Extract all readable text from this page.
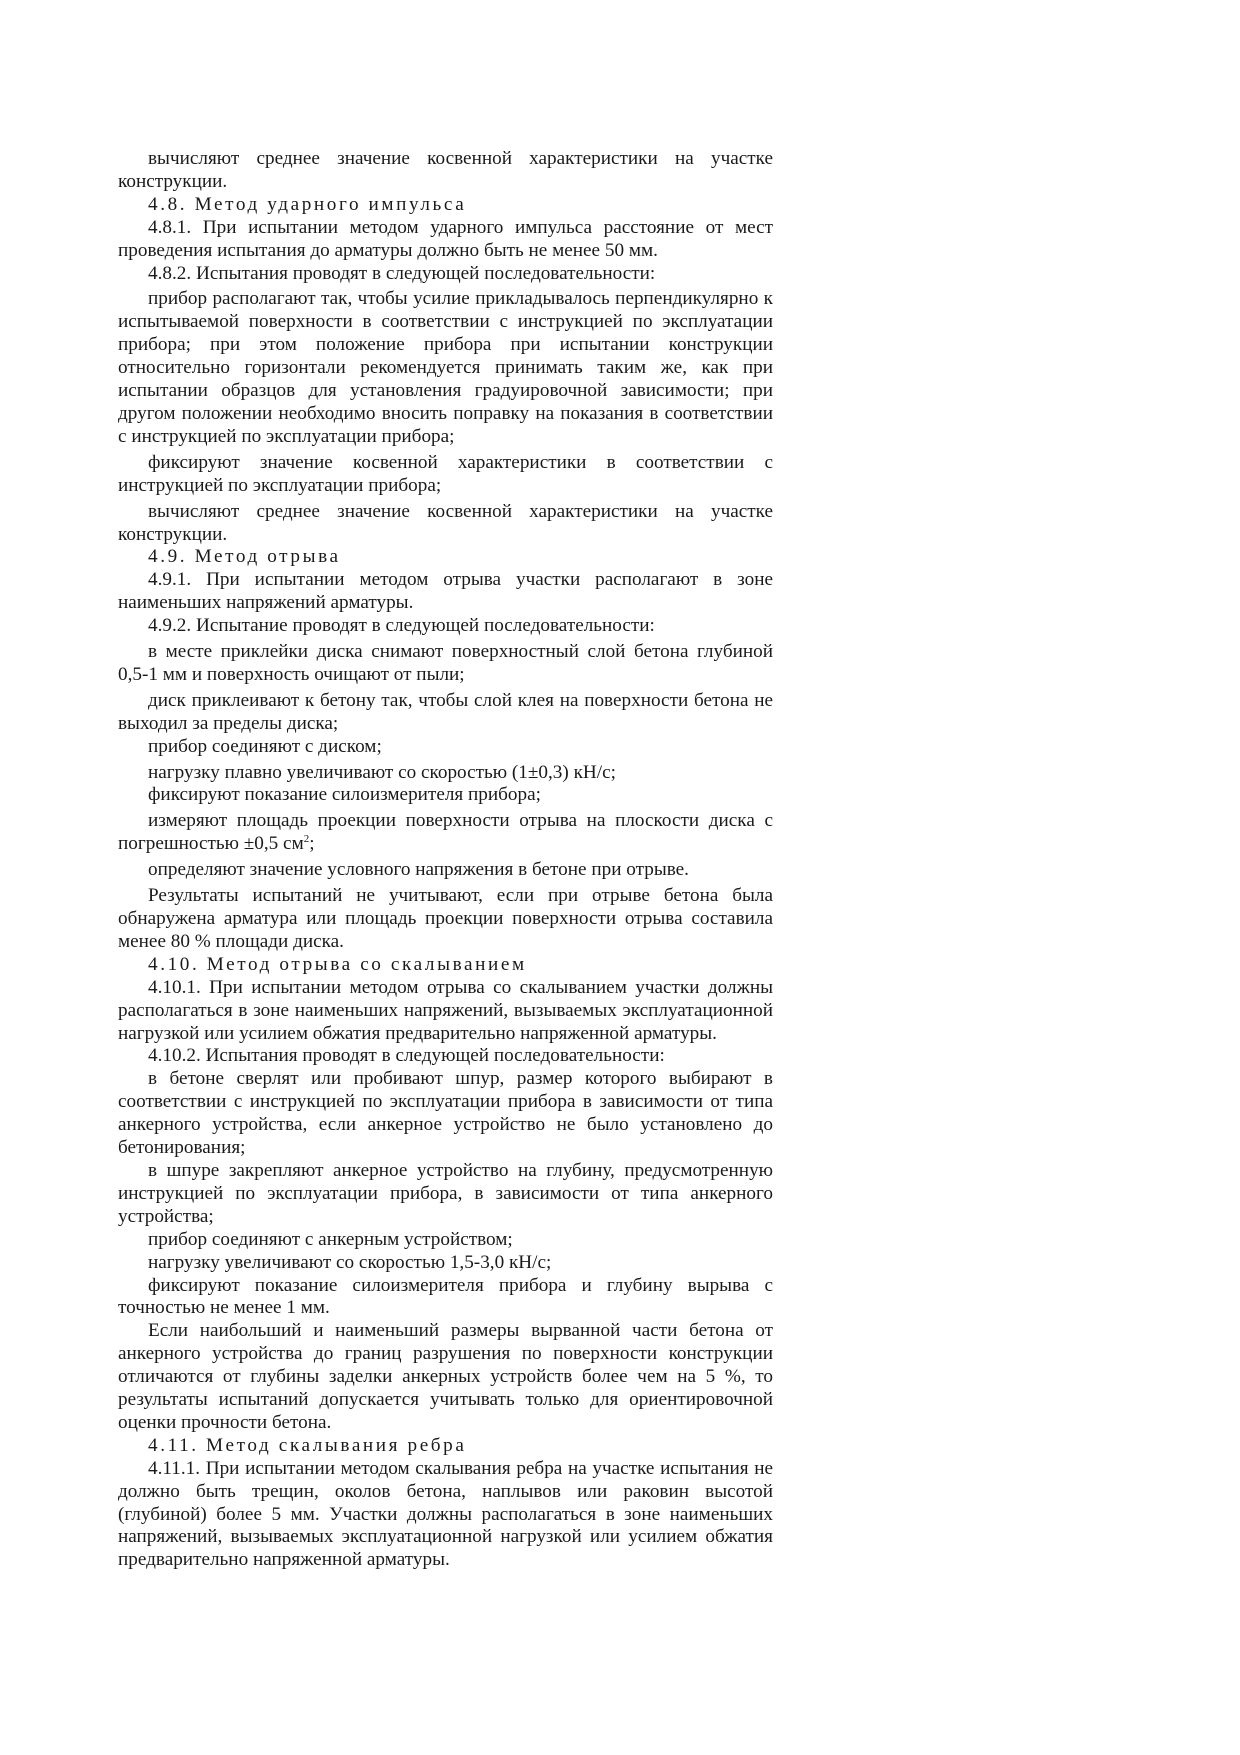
вычисляют среднее значение косвенной характеристики на участке конструкции.

4.8. Метод ударного импульса

4.8.1. При испытании методом ударного импульса расстояние от мест проведения испытания до арматуры должно быть не менее 50 мм.

4.8.2. Испытания проводят в следующей последовательности:

прибор располагают так, чтобы усилие прикладывалось перпендикулярно к испытываемой поверхности в соответствии с инструкцией по эксплуатации прибора; при этом положение прибора при испытании конструкции относительно горизонтали рекомендуется принимать таким же, как при испытании образцов для установления градуировочной зависимости; при другом положении необходимо вносить поправку на показания в соответствии с инструкцией по эксплуатации прибора;

фиксируют значение косвенной характеристики в соответствии с инструкцией по эксплуатации прибора;

вычисляют среднее значение косвенной характеристики на участке конструкции.

4.9. Метод отрыва

4.9.1. При испытании методом отрыва участки располагают в зоне наименьших напряжений арматуры.

4.9.2. Испытание проводят в следующей последовательности:

в месте приклейки диска снимают поверхностный слой бетона глубиной 0,5-1 мм и поверхность очищают от пыли;

диск приклеивают к бетону так, чтобы слой клея на поверхности бетона не выходил за пределы диска;

прибор соединяют с диском;

нагрузку плавно увеличивают со скоростью (1±0,3) кН/с;

фиксируют показание силоизмерителя прибора;

измеряют площадь проекции поверхности отрыва на плоскости диска с погрешностью ±0,5 $см^2$;

определяют значение условного напряжения в бетоне при отрыве.

Результаты испытаний не учитывают, если при отрыве бетона была обнаружена арматура или площадь проекции поверхности отрыва составила менее 80 % площади диска.

4.10. Метод отрыва со скалыванием

4.10.1. При испытании методом отрыва со скалыванием участки должны располагаться в зоне наименьших напряжений, вызываемых эксплуатационной нагрузкой или усилием обжатия предварительно напряженной арматуры.

4.10.2. Испытания проводят в следующей последовательности:

в бетоне сверлят или пробивают шпур, размер которого выбирают в соответствии с инструкцией по эксплуатации прибора в зависимости от типа анкерного устройства, если анкерное устройство не было установлено до бетонирования;

в шпуре закрепляют анкерное устройство на глубину, предусмотренную инструкцией по эксплуатации прибора, в зависимости от типа анкерного устройства;

прибор соединяют с анкерным устройством;

нагрузку увеличивают со скоростью 1,5-3,0 кН/с;

фиксируют показание силоизмерителя прибора и глубину вырыва с точностью не менее 1 мм.

Если наибольший и наименьший размеры вырванной части бетона от анкерного устройства до границ разрушения по поверхности конструкции отличаются от глубины заделки анкерных устройств более чем на 5 %, то результаты испытаний допускается учитывать только для ориентировочной оценки прочности бетона.

4.11. Метод скалывания ребра

4.11.1. При испытании методом скалывания ребра на участке испытания не должно быть трещин, околов бетона, наплывов или раковин высотой (глубиной) более 5 мм. Участки должны располагаться в зоне наименьших напряжений, вызываемых эксплуатационной нагрузкой или усилием обжатия предварительно напряженной арматуры.
